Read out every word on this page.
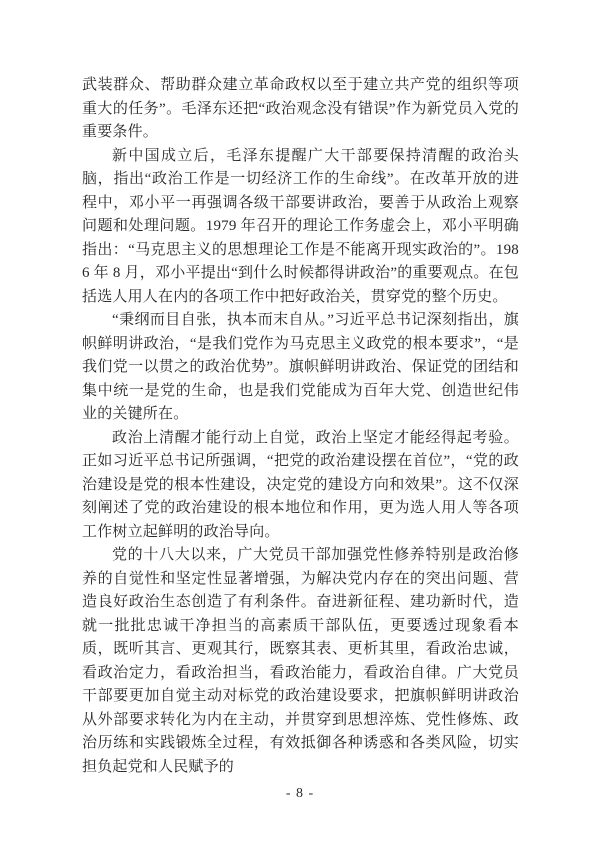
武装群众、帮助群众建立革命政权以至于建立共产党的组织等项重大的任务”。毛泽东还把“政治观念没有错误”作为新党员入党的重要条件。

新中国成立后，毛泽东提醒广大干部要保持清醒的政治头脑，指出“政治工作是一切经济工作的生命线”。在改革开放的进程中，邓小平一再强调各级干部要讲政治，要善于从政治上观察问题和处理问题。1979 年召开的理论工作务虚会上，邓小平明确指出：“马克思主义的思想理论工作是不能离开现实政治的”。1986 年 8 月，邓小平提出“到什么时候都得讲政治”的重要观点。在包括选人用人在内的各项工作中把好政治关，贯穿党的整个历史。

“秉纲而目自张，执本而末自从。”习近平总书记深刻指出，旗帜鲜明讲政治，“是我们党作为马克思主义政党的根本要求”，“是我们党一以贯之的政治优势”。旗帜鲜明讲政治、保证党的团结和集中统一是党的生命，也是我们党能成为百年大党、创造世纪伟业的关键所在。

政治上清醒才能行动上自觉，政治上坚定才能经得起考验。正如习近平总书记所强调，“把党的政治建设摆在首位”，“党的政治建设是党的根本性建设，决定党的建设方向和效果”。这不仅深刻阐述了党的政治建设的根本地位和作用，更为选人用人等各项工作树立起鲜明的政治导向。

党的十八大以来，广大党员干部加强党性修养特别是政治修养的自觉性和坚定性显著增强，为解决党内存在的突出问题、营造良好政治生态创造了有利条件。奋进新征程、建功新时代，造就一批批忠诚干净担当的高素质干部队伍，更要透过现象看本质，既听其言、更观其行，既察其表、更析其里，看政治忠诚，看政治定力，看政治担当，看政治能力，看政治自律。广大党员干部要更加自觉主动对标党的政治建设要求，把旗帜鲜明讲政治从外部要求转化为内在主动，并贯穿到思想淬炼、党性修炼、政治历练和实践锻炼全过程，有效抵御各种诱惑和各类风险，切实担负起党和人民赋予的

- 8 -
